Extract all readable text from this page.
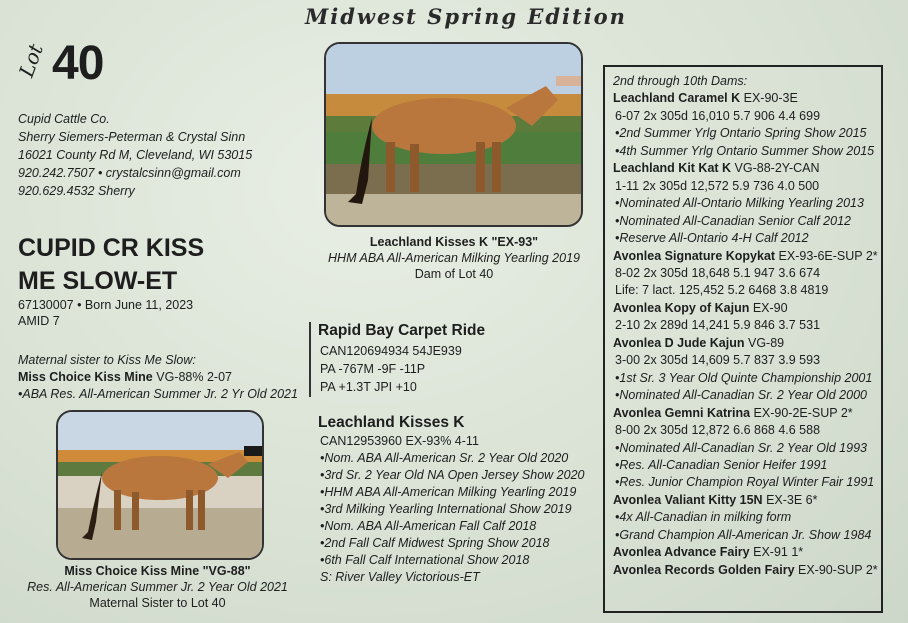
Midwest Spring Edition
Lot 40
Cupid Cattle Co.
Sherry Siemers-Peterman & Crystal Sinn
16021 County Rd M, Cleveland, WI 53015
920.242.7507 • crystalcsinn@gmail.com
920.629.4532 Sherry
CUPID CR KISS
ME SLOW-ET
67130007 • Born June 11, 2023
AMID 7
Maternal sister to Kiss Me Slow:
Miss Choice Kiss Mine VG-88% 2-07
•ABA Res. All-American Summer Jr. 2 Yr Old 2021
Miss Choice Kiss Mine "VG-88"
Res. All-American Summer Jr. 2 Year Old 2021
Maternal Sister to Lot 40
Leachland Kisses K "EX-93"
HHM ABA All-American Milking Yearling 2019
Dam of Lot 40
Rapid Bay Carpet Ride
CAN120694934 54JE939
PA -767M -9F -11P
PA +1.3T JPI +10
Leachland Kisses K
CAN12953960 EX-93% 4-11
•Nom. ABA All-American Sr. 2 Year Old 2020
•3rd Sr. 2 Year Old NA Open Jersey Show 2020
•HHM ABA All-American Milking Yearling 2019
•3rd Milking Yearling International Show 2019
•Nom. ABA All-American Fall Calf 2018
•2nd Fall Calf Midwest Spring Show 2018
•6th Fall Calf International Show 2018
S: River Valley Victorious-ET
2nd through 10th Dams:
Leachland Caramel K EX-90-3E
6-07 2x 305d 16,010 5.7 906 4.4 699
•2nd Summer Yrlg Ontario Spring Show 2015
•4th Summer Yrlg Ontario Summer Show 2015
Leachland Kit Kat K VG-88-2Y-CAN
1-11 2x 305d 12,572 5.9 736 4.0 500
•Nominated All-Ontario Milking Yearling 2013
•Nominated All-Canadian Senior Calf 2012
•Reserve All-Ontario 4-H Calf 2012
Avonlea Signature Kopykat EX-93-6E-SUP 2*
8-02 2x 305d 18,648 5.1 947 3.6 674
Life: 7 lact. 125,452 5.2 6468 3.8 4819
Avonlea Kopy of Kajun EX-90
2-10 2x 289d 14,241 5.9 846 3.7 531
Avonlea D Jude Kajun VG-89
3-00 2x 305d 14,609 5.7 837 3.9 593
•1st Sr. 3 Year Old Quinte Championship 2001
•Nominated All-Canadian Sr. 2 Year Old 2000
Avonlea Gemni Katrina EX-90-2E-SUP 2*
8-00 2x 305d 12,872 6.6 868 4.6 588
•Nominated All-Canadian Sr. 2 Year Old 1993
•Res. All-Canadian Senior Heifer 1991
•Res. Junior Champion Royal Winter Fair 1991
Avonlea Valiant Kitty 15N EX-3E 6*
•4x All-Canadian in milking form
•Grand Champion All-American Jr. Show 1984
Avonlea Advance Fairy EX-91 1*
Avonlea Records Golden Fairy EX-90-SUP 2*
